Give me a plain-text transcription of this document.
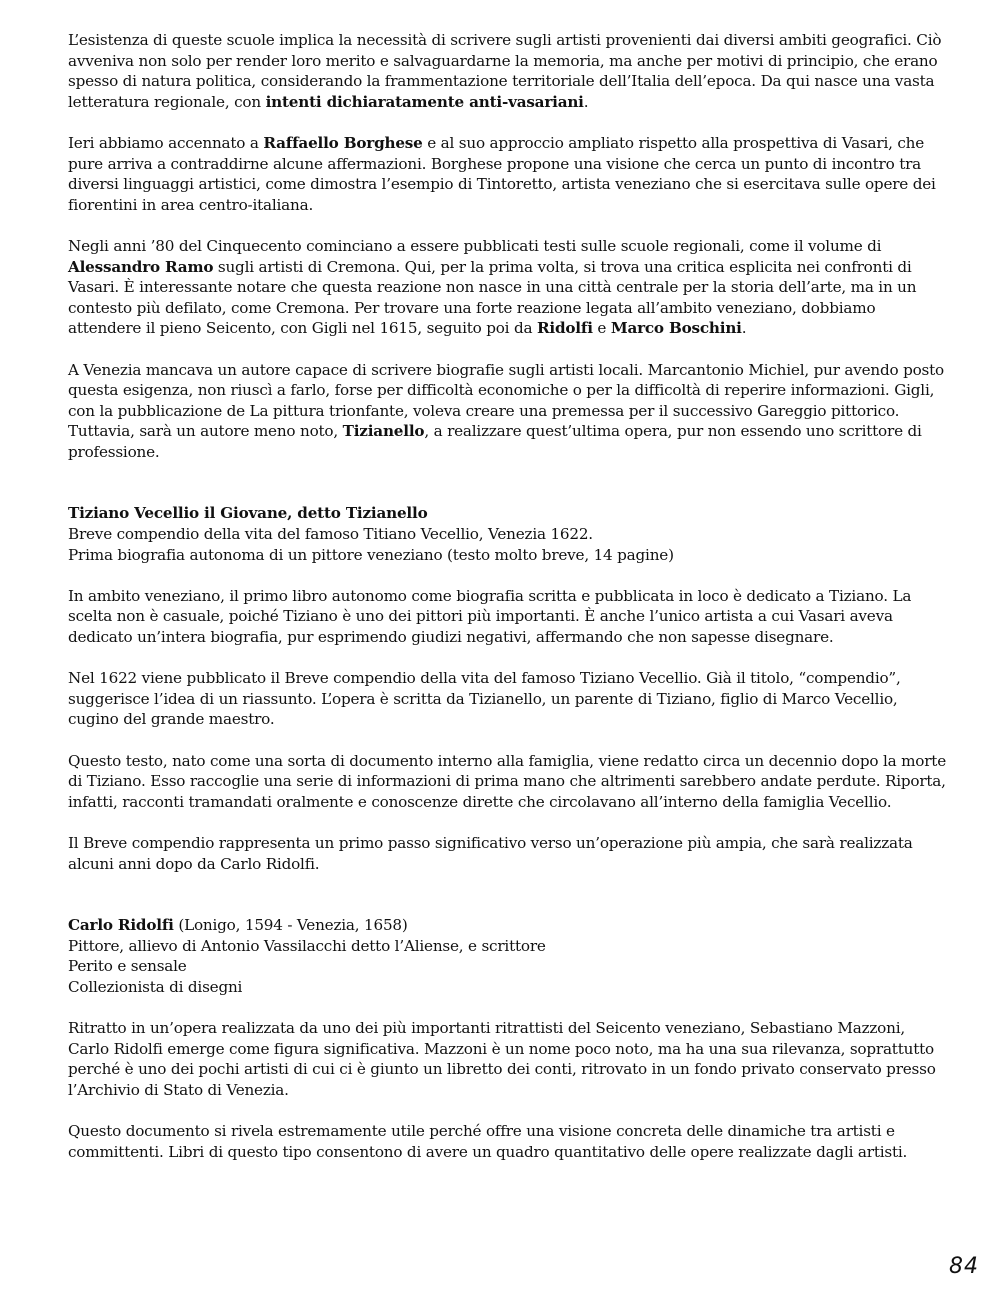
L’esistenza di queste scuole implica la necessità di scrivere sugli artisti provenienti dai diversi ambiti geografici. Ciò avveniva non solo per render loro merito e salvaguardarne la memoria, ma anche per motivi di principio, che erano spesso di natura politica, considerando la frammentazione territoriale dell’Italia dell’epoca. Da qui nasce una vasta letteratura regionale, con intenti dichiaratamente anti-vasariani.

Ieri abbiamo accennato a Raffaello Borghese e al suo approccio ampliato rispetto alla prospettiva di Vasari, che pure arriva a contraddirne alcune affermazioni. Borghese propone una visione che cerca un punto di incontro tra diversi linguaggi artistici, come dimostra l’esempio di Tintoretto, artista veneziano che si esercitava sulle opere dei fiorentini in area centro-italiana.

Negli anni ’80 del Cinquecento cominciano a essere pubblicati testi sulle scuole regionali, come il volume di Alessandro Ramo sugli artisti di Cremona. Qui, per la prima volta, si trova una critica esplicita nei confronti di Vasari. È interessante notare che questa reazione non nasce in una città centrale per la storia dell’arte, ma in un contesto più defilato, come Cremona. Per trovare una forte reazione legata all’ambito veneziano, dobbiamo attendere il pieno Seicento, con Gigli nel 1615, seguito poi da Ridolfi e Marco Boschini.

A Venezia mancava un autore capace di scrivere biografie sugli artisti locali. Marcantonio Michiel, pur avendo posto questa esigenza, non riuscì a farlo, forse per difficoltà economiche o per la difficoltà di reperire informazioni. Gigli, con la pubblicazione de La pittura trionfante, voleva creare una premessa per il successivo Gareggio pittorico. Tuttavia, sarà un autore meno noto, Tizianello, a realizzare quest’ultima opera, pur non essendo uno scrittore di professione.

Tiziano Vecellio il Giovane, detto Tizianello

Breve compendio della vita del famoso Titiano Vecellio, Venezia 1622.

Prima biografia autonoma di un pittore veneziano (testo molto breve, 14 pagine)

In ambito veneziano, il primo libro autonomo come biografia scritta e pubblicata in loco è dedicato a Tiziano. La scelta non è casuale, poiché Tiziano è uno dei pittori più importanti. È anche l’unico artista a cui Vasari aveva dedicato un’intera biografia, pur esprimendo giudizi negativi, affermando che non sapesse disegnare.

Nel 1622 viene pubblicato il Breve compendio della vita del famoso Tiziano Vecellio. Già il titolo, “compendio”, suggerisce l’idea di un riassunto. L’opera è scritta da Tizianello, un parente di Tiziano, figlio di Marco Vecellio, cugino del grande maestro.

Questo testo, nato come una sorta di documento interno alla famiglia, viene redatto circa un decennio dopo la morte di Tiziano. Esso raccoglie una serie di informazioni di prima mano che altrimenti sarebbero andate perdute. Riporta, infatti, racconti tramandati oralmente e conoscenze dirette che circolavano all’interno della famiglia Vecellio.

Il Breve compendio rappresenta un primo passo significativo verso un’operazione più ampia, che sarà realizzata alcuni anni dopo da Carlo Ridolfi.

Carlo Ridolfi (Lonigo, 1594 - Venezia, 1658)

Pittore, allievo di Antonio Vassilacchi detto l’Aliense, e scrittore

Perito e sensale

Collezionista di disegni

Ritratto in un’opera realizzata da uno dei più importanti ritrattisti del Seicento veneziano, Sebastiano Mazzoni, Carlo Ridolfi emerge come figura significativa. Mazzoni è un nome poco noto, ma ha una sua rilevanza, soprattutto perché è uno dei pochi artisti di cui ci è giunto un libretto dei conti, ritrovato in un fondo privato conservato presso l’Archivio di Stato di Venezia.

Questo documento si rivela estremamente utile perché offre una visione concreta delle dinamiche tra artisti e committenti. Libri di questo tipo consentono di avere un quadro quantitativo delle opere realizzate dagli artisti.

84
